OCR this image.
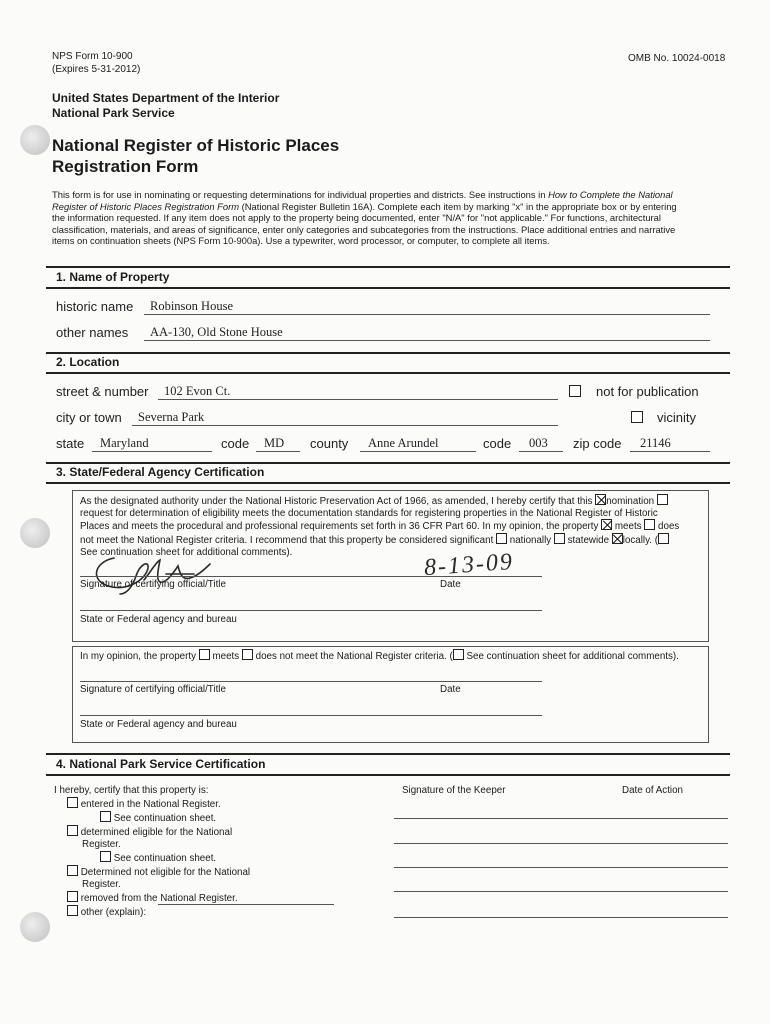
NPS Form 10-900
(Expires 5-31-2012)
OMB No. 10024-0018
United States Department of the Interior
National Park Service
National Register of Historic Places
Registration Form
This form is for use in nominating or requesting determinations for individual properties and districts. See instructions in How to Complete the National
Register of Historic Places Registration Form (National Register Bulletin 16A). Complete each item by marking "x" in the appropriate box or by entering
the information requested. If any item does not apply to the property being documented, enter "N/A" for "not applicable." For functions, architectural
classification, materials, and areas of significance, enter only categories and subcategories from the instructions. Place additional entries and narrative
items on continuation sheets (NPS Form 10-900a). Use a typewriter, word processor, or computer, to complete all items.
1. Name of Property
historic name Robinson House
other names AA-130, Old Stone House
2. Location
street & number 102 Evon Ct.	not for publication
city or town Severna Park	vicinity
state Maryland	code MD county Anne Arundel	code 003 zip code 21146
3. State/Federal Agency Certification
As the designated authority under the National Historic Preservation Act of 1966, as amended, I hereby certify that this nomination
request for determination of eligibility meets the documentation standards for registering properties in the National Register of Historic
Places and meets the procedural and professional requirements set forth in 36 CFR Part 60. In my opinion, the property meets does
not meet the National Register criteria. I recommend that this property be considered significant nationally statewide locally. (
See continuation sheet for additional comments).	8-13-09
Signature of certifying official/Title	Date
State or Federal agency and bureau
In my opinion, the property meets does not meet the National Register criteria. ( See continuation sheet for additional comments).
Signature of certifying official/Title	Date
State or Federal agency and bureau
4. National Park Service Certification
I hereby, certify that this property is:
entered in the National Register.
See continuation sheet.
determined eligible for the National
Register.
See continuation sheet.
Determined not eligible for the National
Register.
removed from the National Register.
other (explain):
Signature of the Keeper	Date of Action
